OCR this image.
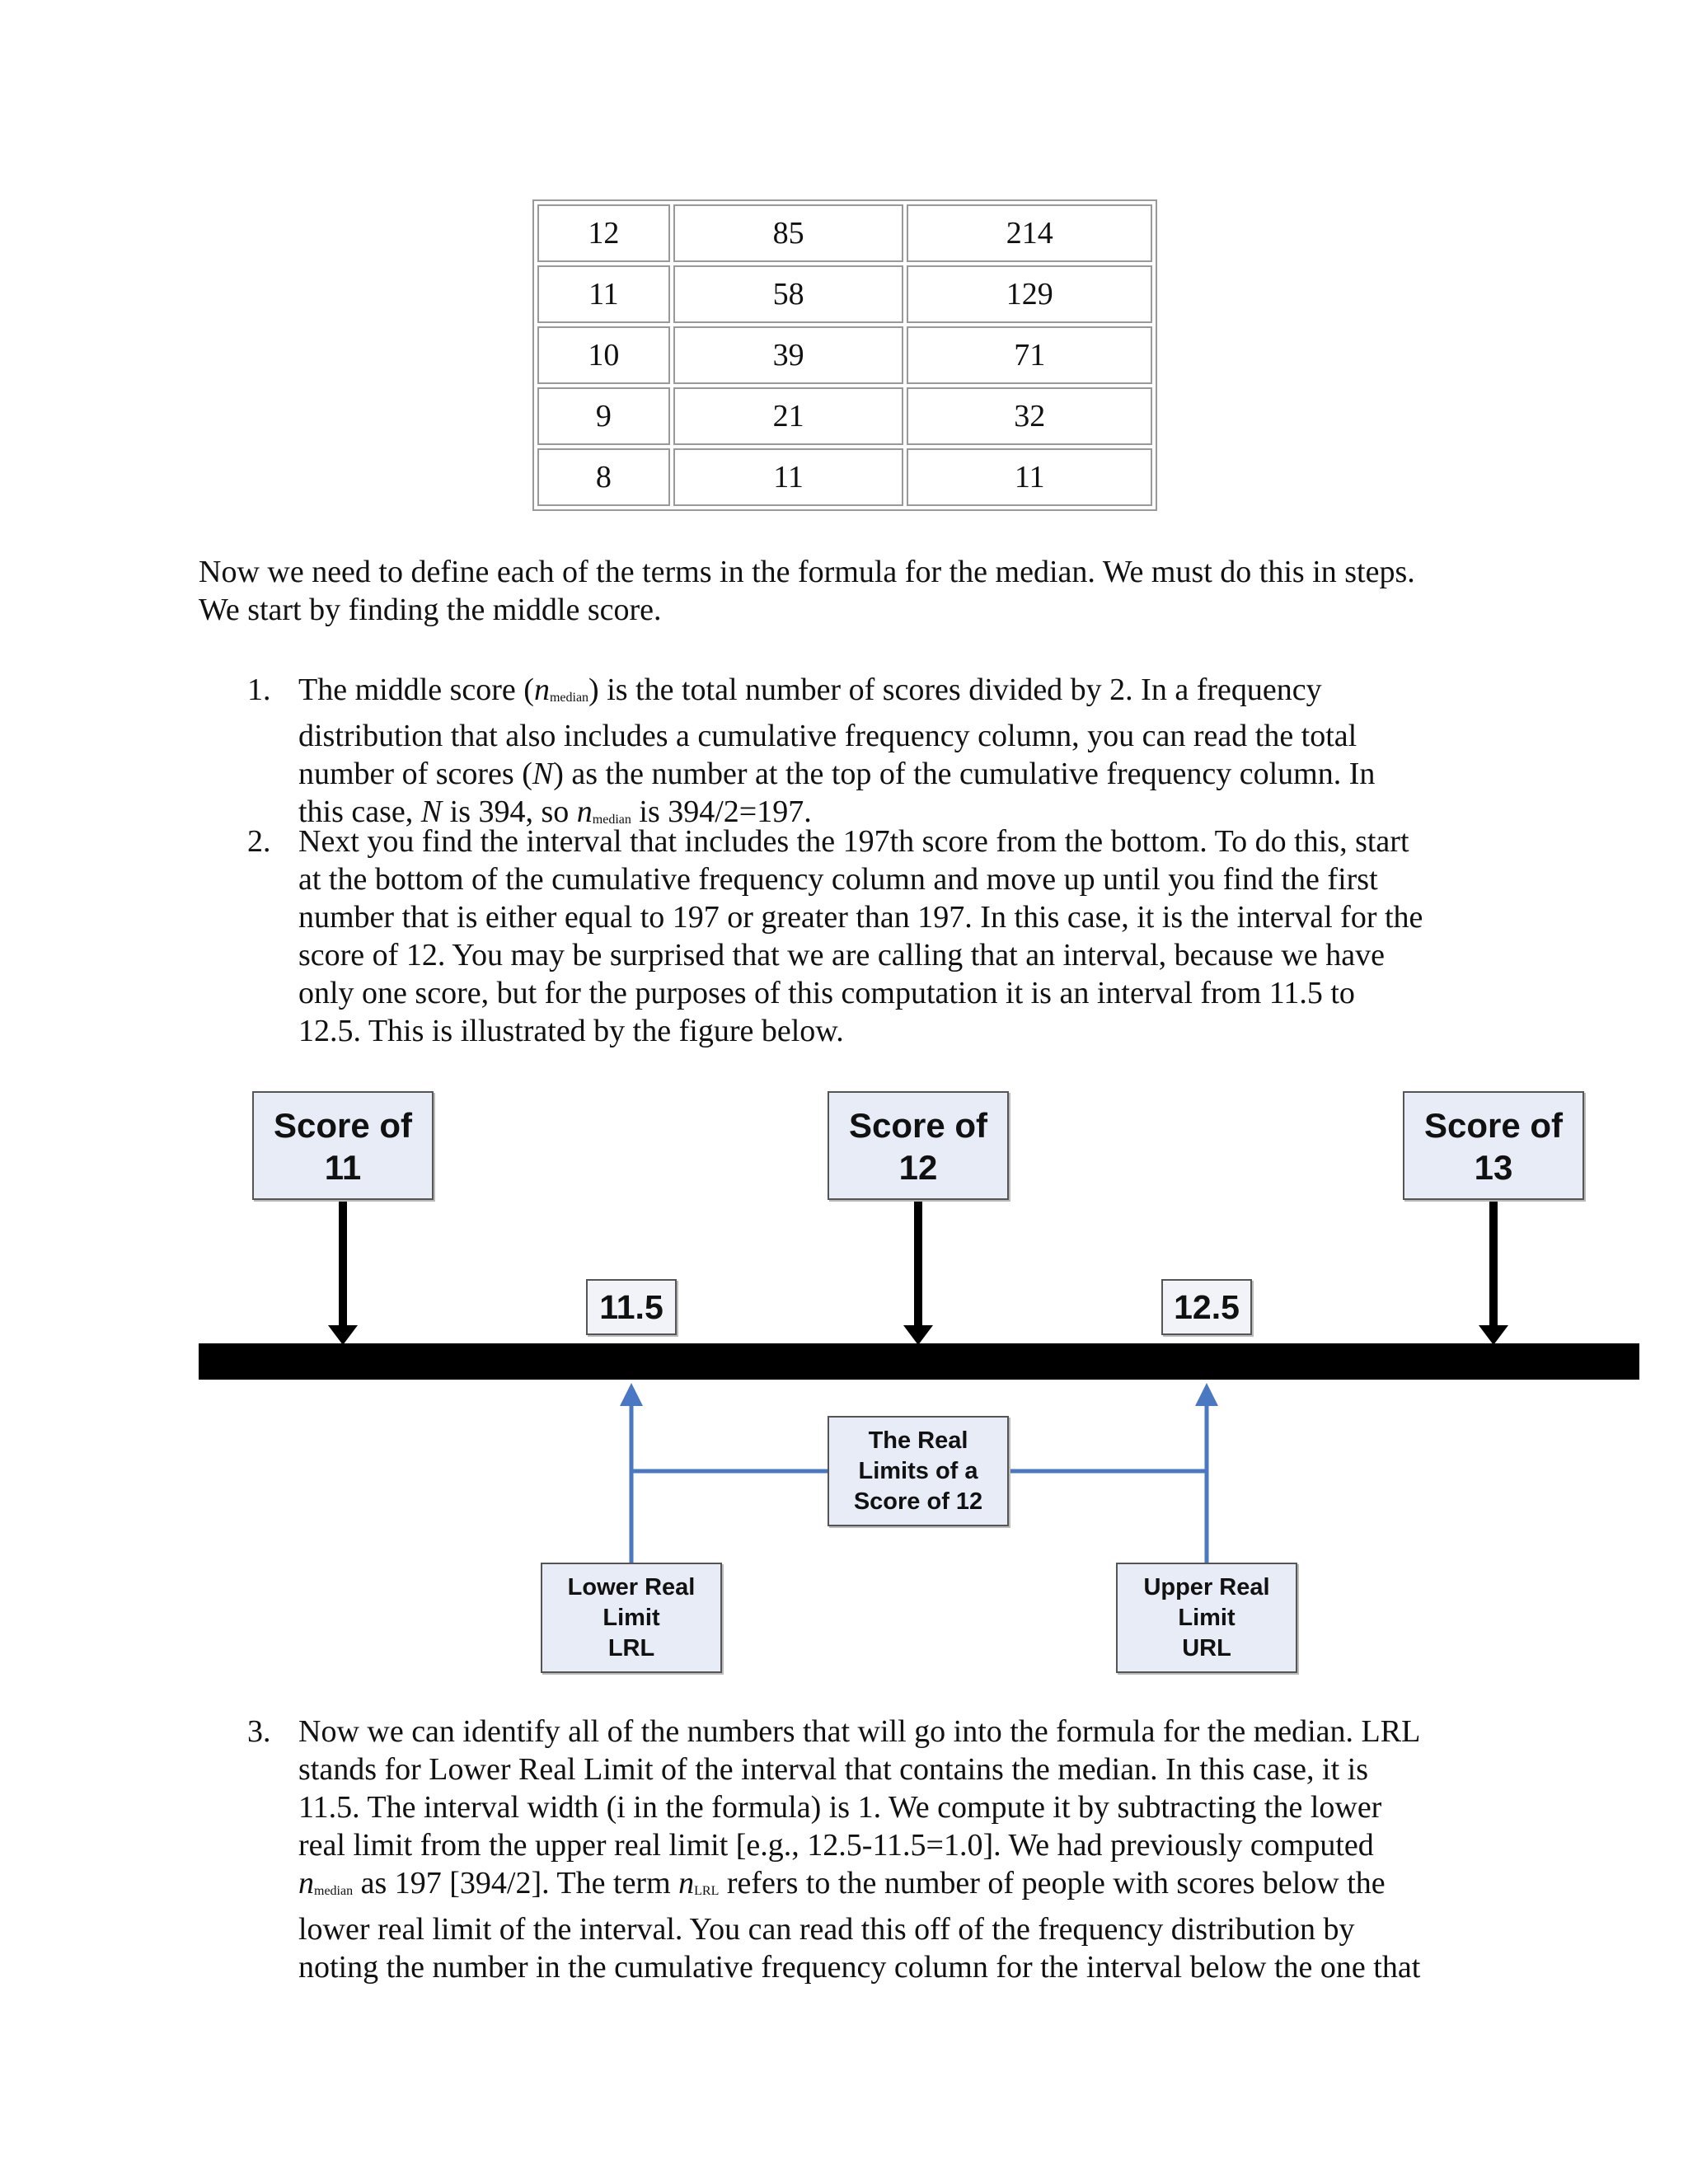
12	85	214
11	58	129
10	39	71
9	21	32
8	11	11

Now we need to define each of the terms in the formula for the median. We must do this in steps.
We start by finding the middle score.

1. The middle score $(n_{median})$ is the total number of scores divided by 2. In a frequency
distribution that also includes a cumulative frequency column, you can read the total
number of scores (N) as the number at the top of the cumulative frequency column. In
this case, N is 394, so $n_{median}$ is 394/2=197.
2. Next you find the interval that includes the 197th score from the bottom. To do this, start
at the bottom of the cumulative frequency column and move up until you find the first
number that is either equal to 197 or greater than 197. In this case, it is the interval for the
score of 12. You may be surprised that we are calling that an interval, because we have
only one score, but for the purposes of this computation it is an interval from 11.5 to
12.5. This is illustrated by the figure below.
Score of
11
Score of
12
Score of
13
11.5	12.5
The Real
Limits of a
Score of 12
Lower Real
Limit
LRL
Upper Real
Limit
URL
3. Now we can identify all of the numbers that will go into the formula for the median. LRL
stands for Lower Real Limit of the interval that contains the median. In this case, it is
11.5. The interval width (i in the formula) is 1. We compute it by subtracting the lower
real limit from the upper real limit [e.g., 12.5-11.5=1.0]. We had previously computed
$n_{median}$ as 197 [394/2]. The term $n_{LRL}$ refers to the number of people with scores below the
lower real limit of the interval. You can read this off of the frequency distribution by
noting the number in the cumulative frequency column for the interval below the one that
